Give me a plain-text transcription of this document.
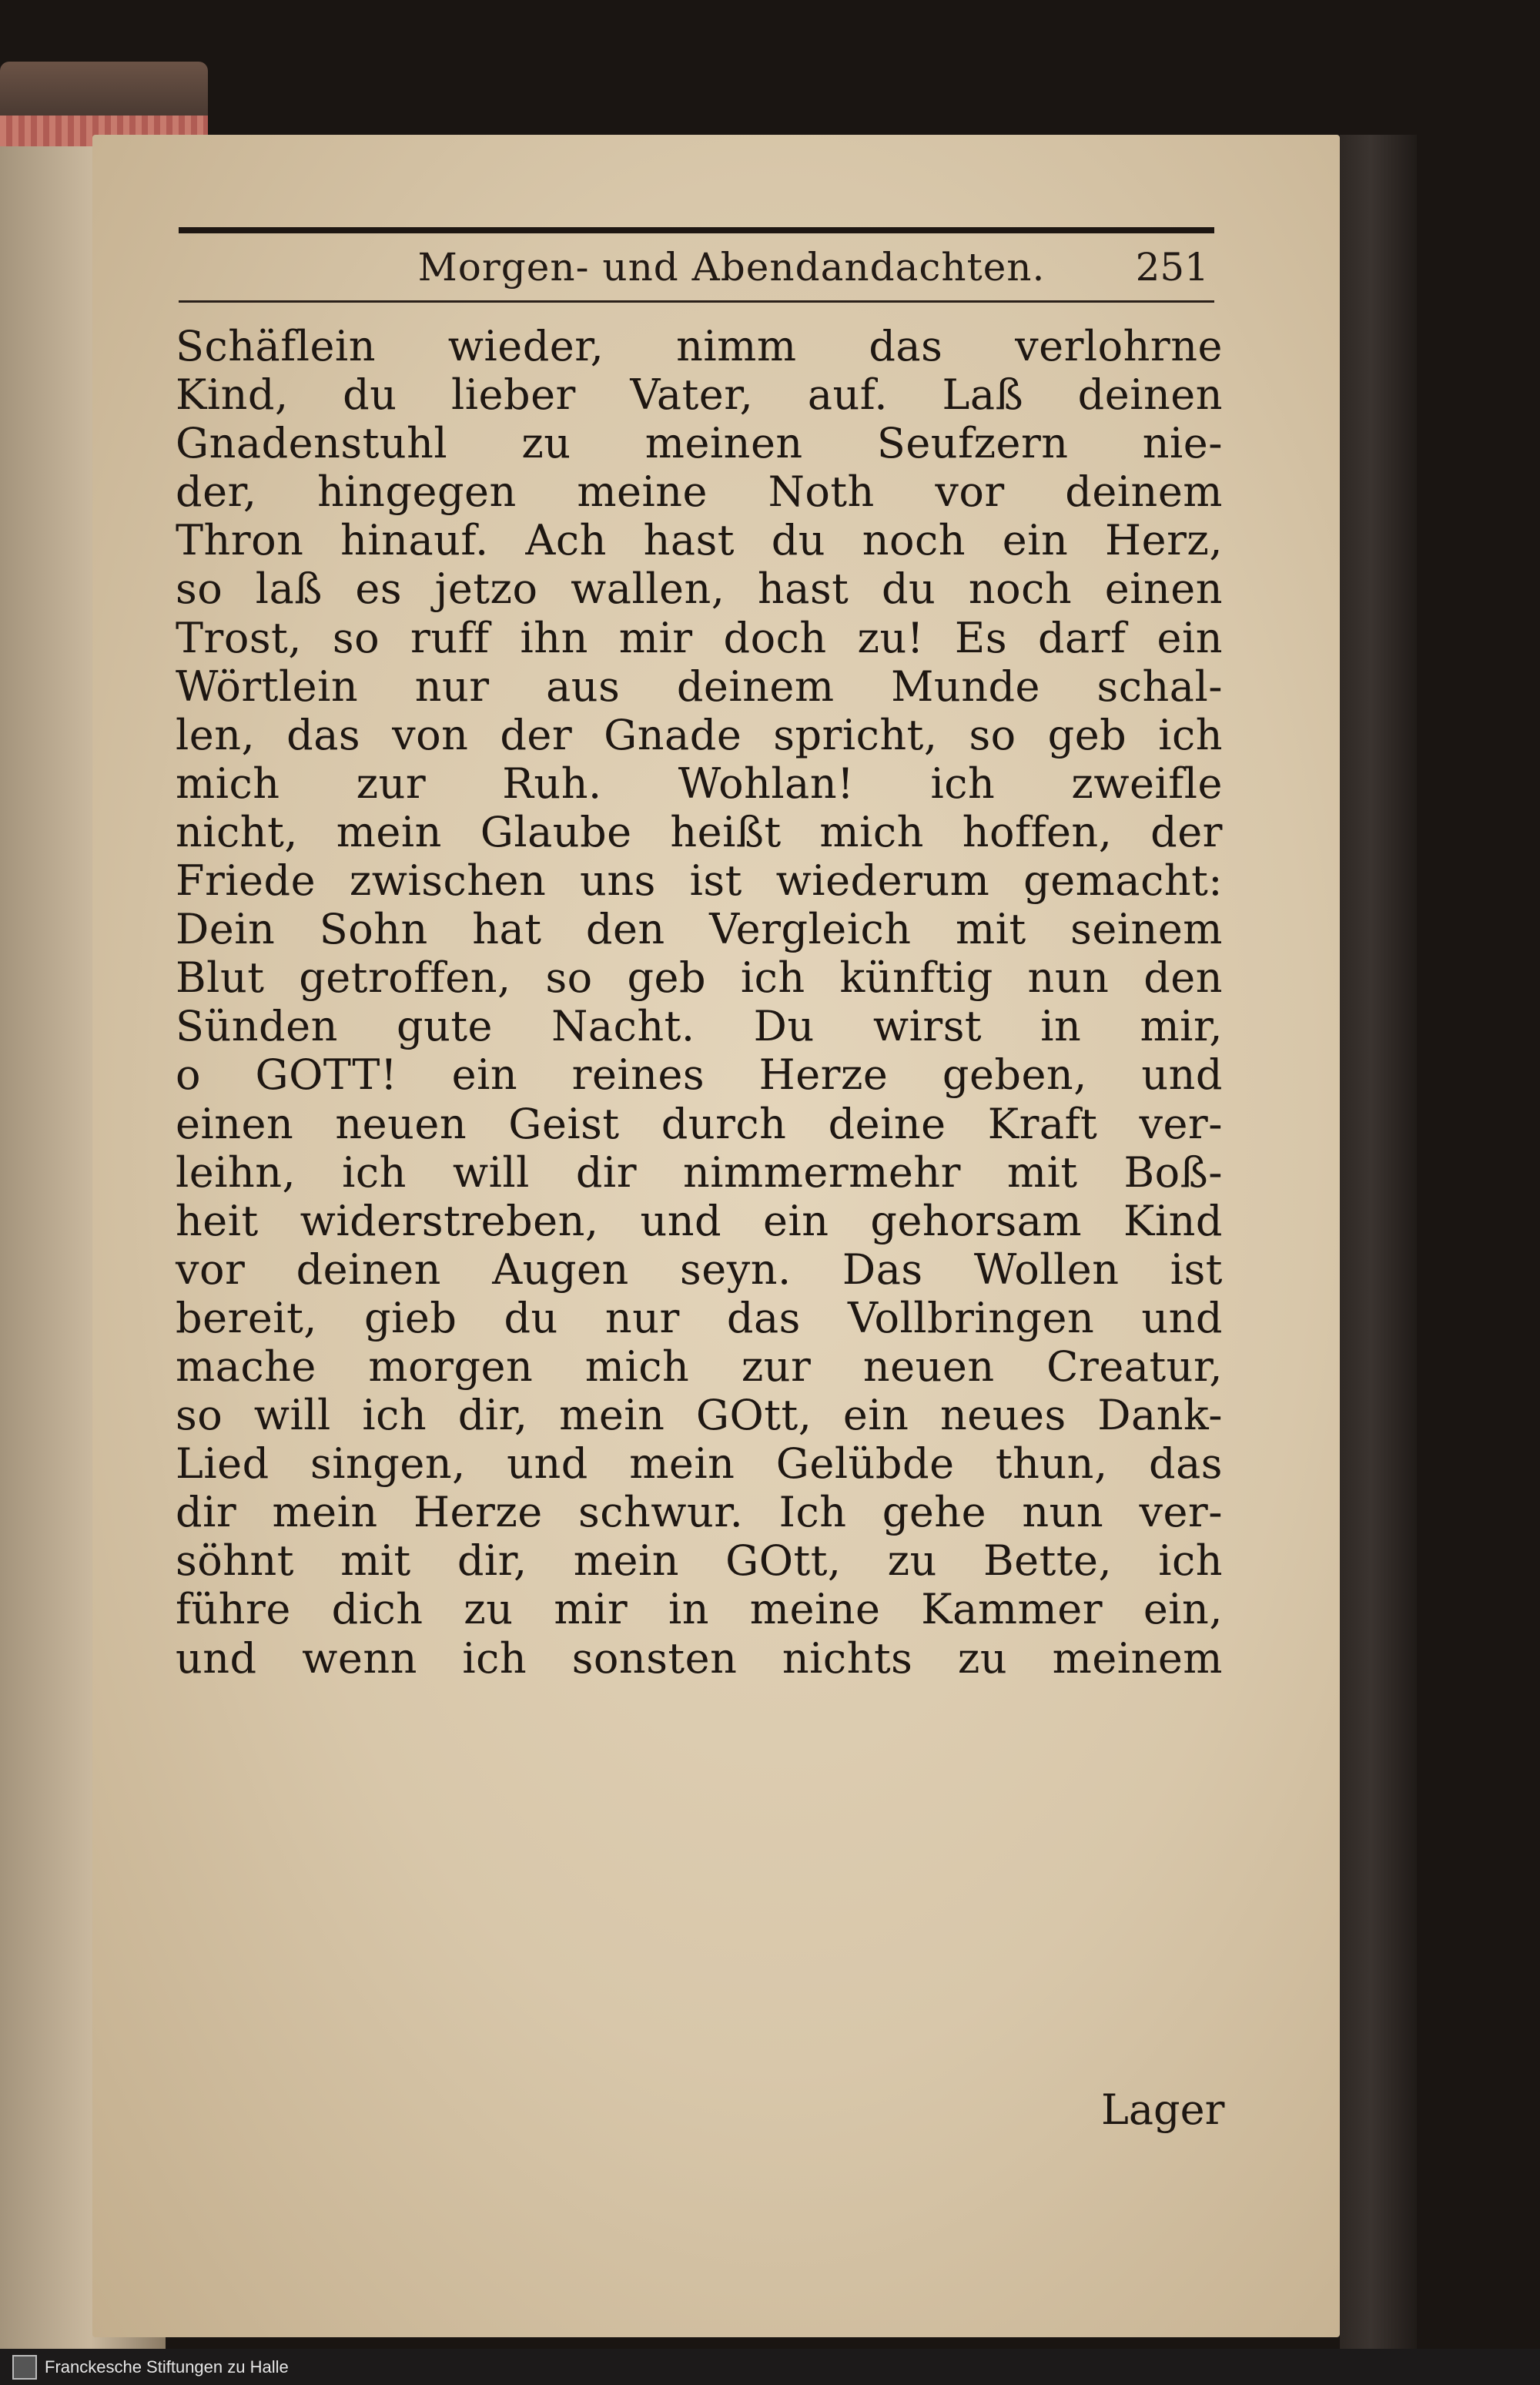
Morgen- und Abendandachten.	251
Schäflein wieder, nimm das verlohrne
Kind, du lieber Vater, auf. Laß deinen
Gnadenstuhl zu meinen Seufzern nie-
der, hingegen meine Noth vor deinem
Thron hinauf. Ach hast du noch ein Herz,
so laß es jetzo wallen, hast du noch einen
Trost, so ruff ihn mir doch zu! Es darf ein
Wörtlein nur aus deinem Munde schal-
len, das von der Gnade spricht, so geb ich
mich zur Ruh. Wohlan! ich zweifle
nicht, mein Glaube heißt mich hoffen, der
Friede zwischen uns ist wiederum gemacht:
Dein Sohn hat den Vergleich mit seinem
Blut getroffen, so geb ich künftig nun den
Sünden gute Nacht. Du wirst in mir,
o GOTT! ein reines Herze geben, und
einen neuen Geist durch deine Kraft ver-
leihn, ich will dir nimmermehr mit Boß-
heit widerstreben, und ein gehorsam Kind
vor deinen Augen seyn. Das Wollen ist
bereit, gieb du nur das Vollbringen und
mache morgen mich zur neuen Creatur,
so will ich dir, mein GOtt, ein neues Dank-
Lied singen, und mein Gelübde thun, das
dir mein Herze schwur. Ich gehe nun ver-
söhnt mit dir, mein GOtt, zu Bette, ich
führe dich zu mir in meine Kammer ein,
und wenn ich sonsten nichts zu meinem
Lager
Franckesche Stiftungen zu Halle
